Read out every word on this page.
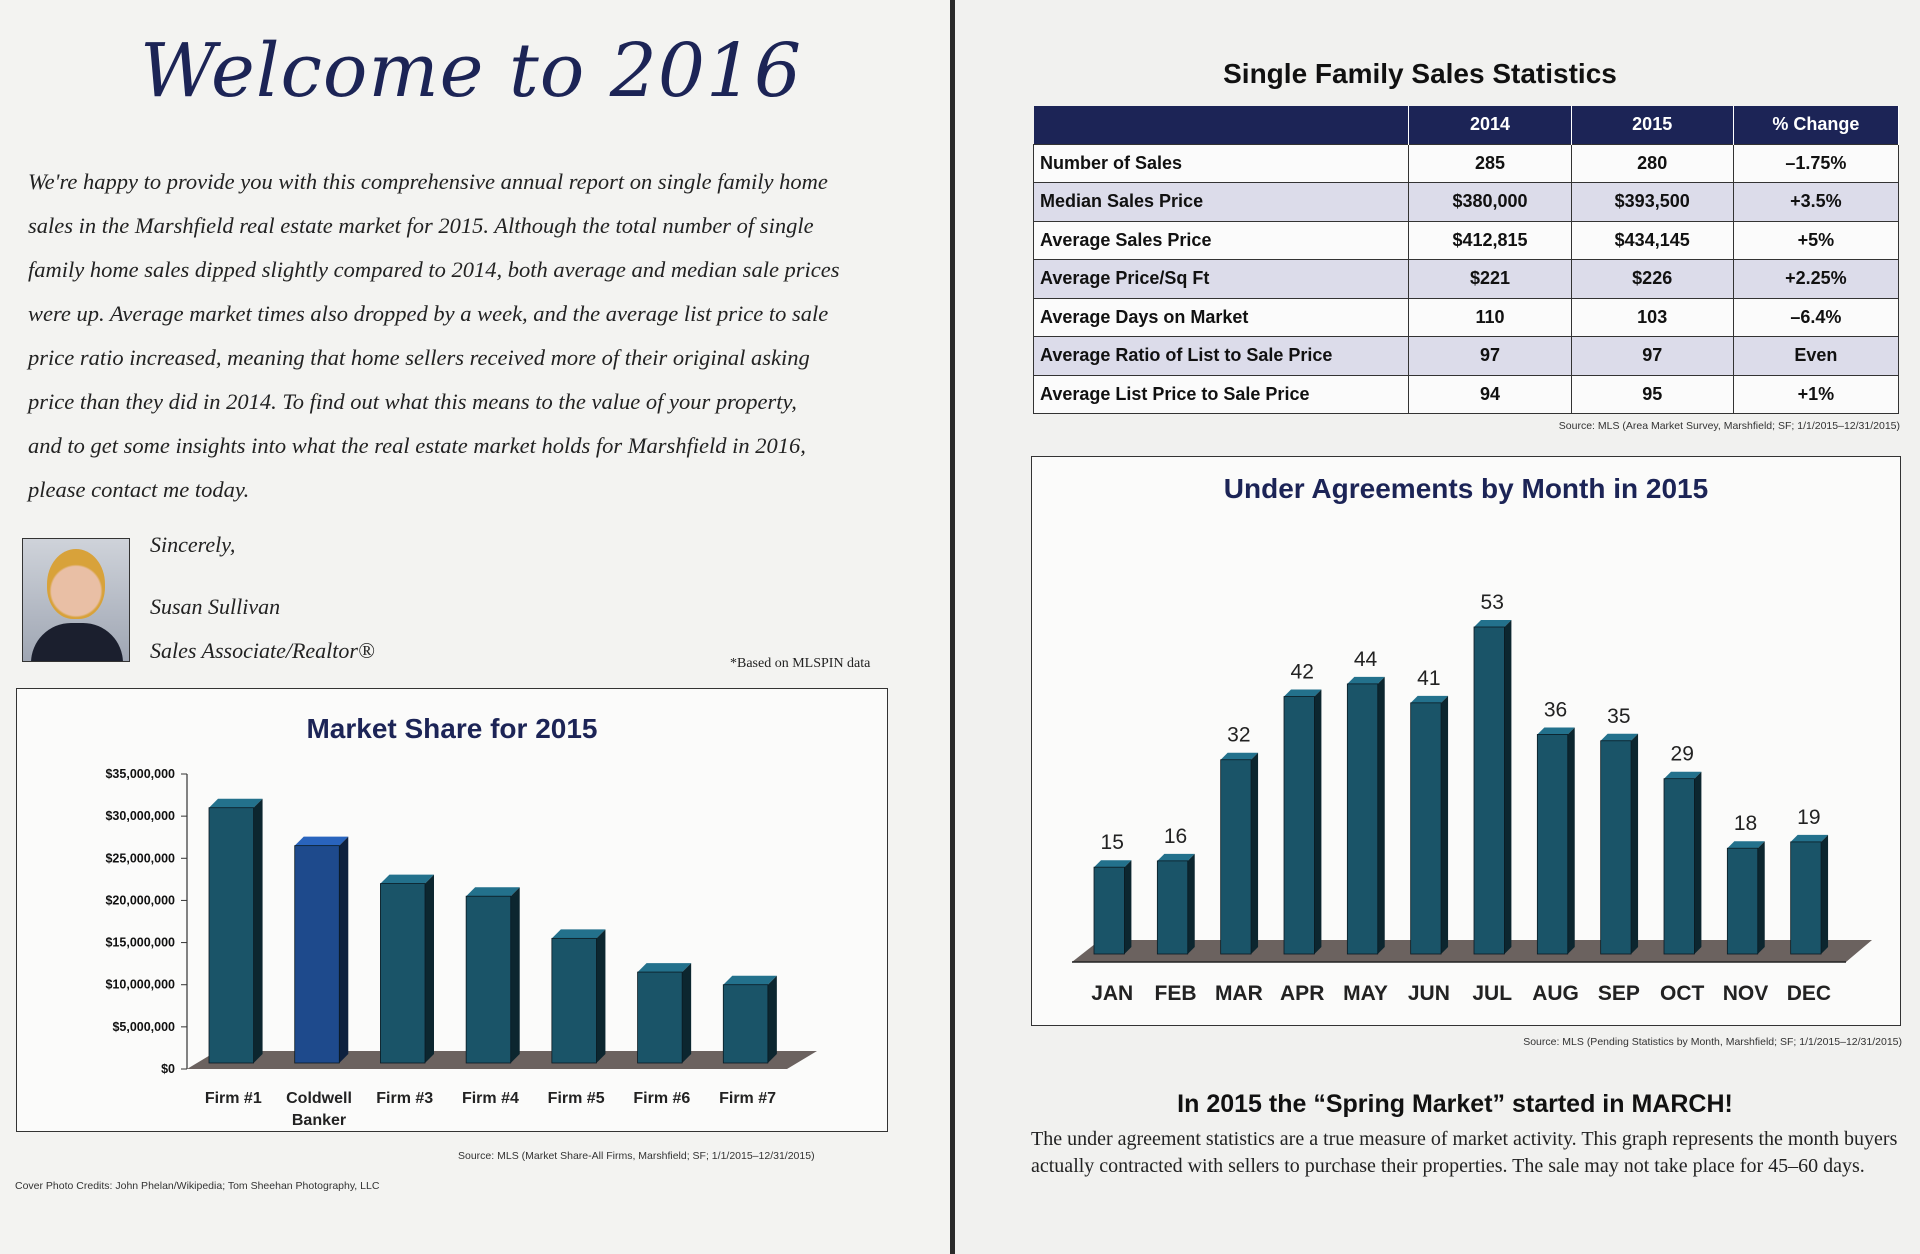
Welcome to 2016
We're happy to provide you with this comprehensive annual report on single family home
sales in the Marshfield real estate market for 2015. Although the total number of single
family home sales dipped slightly compared to 2014, both average and median sale prices
were up. Average market times also dropped by a week, and the average list price to sale
price ratio increased, meaning that home sellers received more of their original asking
price than they did in 2014. To find out what this means to the value of your property,
and to get some insights into what the real estate market holds for Marshfield in 2016,
please contact me today.
Sincerely,
Susan Sullivan
Sales Associate/Realtor®
*Based on MLSPIN data
Market Share for 2015
$0
$5,000,000
$10,000,000
$15,000,000
$20,000,000
$25,000,000
$30,000,000
$35,000,000
Firm #1 Coldwell
Banker
Firm #3 Firm #4 Firm #5 Firm #6 Firm #7
Source: MLS (Market Share-All Firms, Marshfield; SF; 1/1/2015–12/31/2015)
Cover Photo Credits: John Phelan/Wikipedia; Tom Sheehan Photography, LLC
Single Family Sales Statistics
	2014	2015	% Change
Number of Sales	285	280	–1.75%
Median Sales Price	$380,000	$393,500	+3.5%
Average Sales Price	$412,815	$434,145	+5%
Average Price/Sq Ft	$221	$226	+2.25%
Average Days on Market	110	103	–6.4%
Average Ratio of List to Sale Price	97	97	Even
Average List Price to Sale Price	94	95	+1%
Source: MLS (Area Market Survey, Marshfield; SF; 1/1/2015–12/31/2015)
Under Agreements by Month in 2015
15
JAN
16
FEB
32
MAR
42
APR
44
MAY
41
JUN
53
JUL
36
AUG
35
SEP
29
OCT
18
NOV
19
DEC
Source: MLS (Pending Statistics by Month, Marshfield; SF; 1/1/2015–12/31/2015)
In 2015 the “Spring Market” started in MARCH!
The under agreement statistics are a true measure of market activity. This graph represents the month buyers actually contracted with sellers to purchase their properties. The sale may not take place for 45–60 days.
